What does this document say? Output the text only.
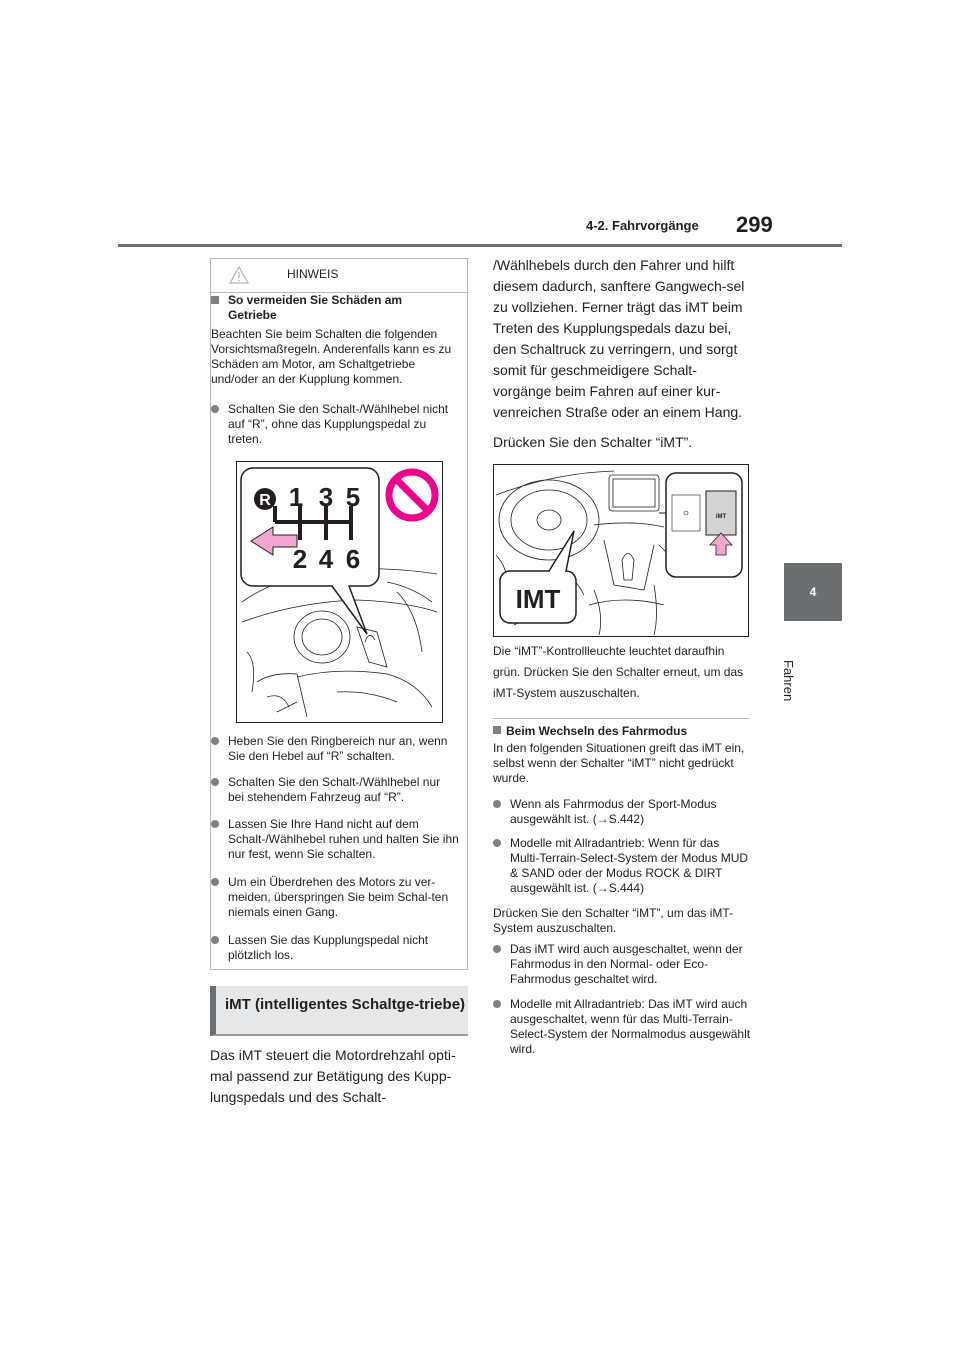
4-2. Fahrvorgänge 299
4
Fahren
HINWEIS
So vermeiden Sie Schäden am Getriebe
Beachten Sie beim Schalten die folgenden Vorsichtsmaßregeln. Anderenfalls kann es zu Schäden am Motor, am Schaltgetriebe und/oder an der Kupplung kommen.
Schalten Sie den Schalt-/Wählhebel nicht auf “R”, ohne das Kupplungspedal zu treten.
R 1 3 5
2 4 6
Heben Sie den Ringbereich nur an, wenn Sie den Hebel auf “R” schalten.
Schalten Sie den Schalt-/Wählhebel nur bei stehendem Fahrzeug auf “R”.
Lassen Sie Ihre Hand nicht auf dem Schalt-/Wählhebel ruhen und halten Sie ihn nur fest, wenn Sie schalten.
Um ein Überdrehen des Motors zu ver-meiden, überspringen Sie beim Schal-ten niemals einen Gang.
Lassen Sie das Kupplungspedal nicht plötzlich los.
iMT (intelligentes Schaltge-triebe)
Das iMT steuert die Motordrehzahl opti-mal passend zur Betätigung des Kupp-lungspedals und des Schalt-
/Wählhebels durch den Fahrer und hilft diesem dadurch, sanftere Gangwech-sel zu vollziehen. Ferner trägt das iMT beim Treten des Kupplungspedals dazu bei, den Schaltruck zu verringern, und sorgt somit für geschmeidigere Schalt-vorgänge beim Fahren auf einer kur-venreichen Straße oder an einem Hang.
Drücken Sie den Schalter “iMT”.
iMT
IMT
Die “iMT”-Kontrollleuchte leuchtet daraufhin grün. Drücken Sie den Schalter erneut, um das iMT-System auszuschalten.
Beim Wechseln des Fahrmodus
In den folgenden Situationen greift das iMT ein, selbst wenn der Schalter “iMT” nicht gedrückt wurde.
Wenn als Fahrmodus der Sport-Modus ausgewählt ist. (→S.442)
Modelle mit Allradantrieb: Wenn für das Multi-Terrain-Select-System der Modus MUD & SAND oder der Modus ROCK & DIRT ausgewählt ist. (→S.444)
Drücken Sie den Schalter “iMT”, um das iMT-System auszuschalten.
Das iMT wird auch ausgeschaltet, wenn der Fahrmodus in den Normal- oder Eco-Fahrmodus geschaltet wird.
Modelle mit Allradantrieb: Das iMT wird auch ausgeschaltet, wenn für das Multi-Terrain-Select-System der Normalmodus ausgewählt wird.
